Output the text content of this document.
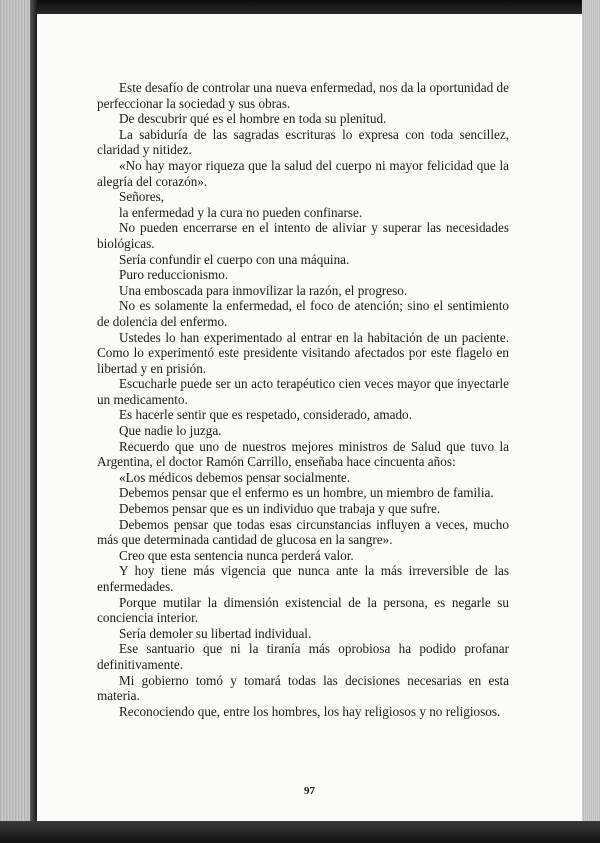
Este desafío de controlar una nueva enfermedad, nos da la oportunidad de perfeccionar la sociedad y sus obras.

De descubrir qué es el hombre en toda su plenitud.

La sabiduría de las sagradas escrituras lo expresa con toda sencillez, claridad y nitidez.

«No hay mayor riqueza que la salud del cuerpo ni mayor felicidad que la alegría del corazón».

Señores,

la enfermedad y la cura no pueden confinarse.

No pueden encerrarse en el intento de aliviar y superar las necesidades biológicas.

Sería confundir el cuerpo con una máquina.

Puro reduccionismo.

Una emboscada para inmovilizar la razón, el progreso.

No es solamente la enfermedad, el foco de atención; sino el sentimiento de dolencia del enfermo.

Ustedes lo han experimentado al entrar en la habitación de un paciente. Como lo experimentó este presidente visitando afectados por este flagelo en libertad y en prisión.

Escucharle puede ser un acto terapéutico cien veces mayor que inyectarle un medicamento.

Es hacerle sentir que es respetado, considerado, amado.

Que nadie lo juzga.

Recuerdo que uno de nuestros mejores ministros de Salud que tuvo la Argentina, el doctor Ramón Carrillo, enseñaba hace cincuenta años:

«Los médicos debemos pensar socialmente.

Debemos pensar que el enfermo es un hombre, un miembro de familia.

Debemos pensar que es un individuo que trabaja y que sufre.

Debemos pensar que todas esas circunstancias influyen a veces, mucho más que determinada cantidad de glucosa en la sangre».

Creo que esta sentencia nunca perderá valor.

Y hoy tiene más vigencia que nunca ante la más irreversible de las enfermedades.

Porque mutilar la dimensión existencial de la persona, es negarle su conciencia interior.

Sería demoler su libertad individual.

Ese santuario que ni la tiranía más oprobiosa ha podido profanar definitivamente.

Mi gobierno tomó y tomará todas las decisiones necesarias en esta materia.

Reconociendo que, entre los hombres, los hay religiosos y no religiosos.

97
